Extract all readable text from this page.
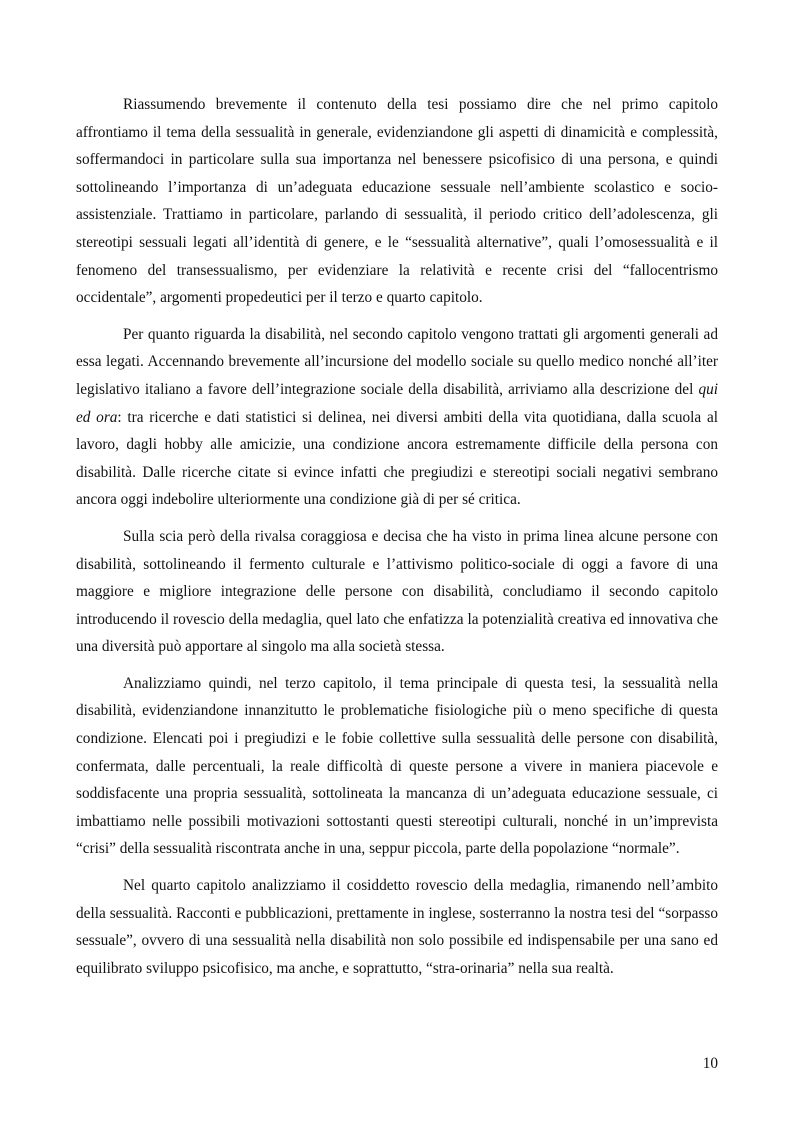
Riassumendo brevemente il contenuto della tesi possiamo dire che nel primo capitolo affrontiamo il tema della sessualità in generale, evidenziandone gli aspetti di dinamicità e complessità, soffermandoci in particolare sulla sua importanza nel benessere psicofisico di una persona, e quindi sottolineando l’importanza di un’adeguata educazione sessuale nell’ambiente scolastico e socio-assistenziale. Trattiamo in particolare, parlando di sessualità, il periodo critico dell’adolescenza, gli stereotipi sessuali legati all’identità di genere, e le “sessualità alternative”, quali l’omosessualità e il fenomeno del transessualismo, per evidenziare la relatività e recente crisi del “fallocentrismo occidentale”, argomenti propedeutici per il terzo e quarto capitolo.

Per quanto riguarda la disabilità, nel secondo capitolo vengono trattati gli argomenti generali ad essa legati. Accennando brevemente all’incursione del modello sociale su quello medico nonché all’iter legislativo italiano a favore dell’integrazione sociale della disabilità, arriviamo alla descrizione del qui ed ora: tra ricerche e dati statistici si delinea, nei diversi ambiti della vita quotidiana, dalla scuola al lavoro, dagli hobby alle amicizie, una condizione ancora estremamente difficile della persona con disabilità. Dalle ricerche citate si evince infatti che pregiudizi e stereotipi sociali negativi sembrano ancora oggi indebolire ulteriormente una condizione già di per sé critica.

Sulla scia però della rivalsa coraggiosa e decisa che ha visto in prima linea alcune persone con disabilità, sottolineando il fermento culturale e l’attivismo politico-sociale di oggi a favore di una maggiore e migliore integrazione delle persone con disabilità, concludiamo il secondo capitolo introducendo il rovescio della medaglia, quel lato che enfatizza la potenzialità creativa ed innovativa che una diversità può apportare al singolo ma alla società stessa.

Analizziamo quindi, nel terzo capitolo, il tema principale di questa tesi, la sessualità nella disabilità, evidenziandone innanzitutto le problematiche fisiologiche più o meno specifiche di questa condizione. Elencati poi i pregiudizi e le fobie collettive sulla sessualità delle persone con disabilità, confermata, dalle percentuali, la reale difficoltà di queste persone a vivere in maniera piacevole e soddisfacente una propria sessualità, sottolineata la mancanza di un’adeguata educazione sessuale, ci imbattiamo nelle possibili motivazioni sottostanti questi stereotipi culturali, nonché in un’imprevista “crisi” della sessualità riscontrata anche in una, seppur piccola, parte della popolazione “normale”.

Nel quarto capitolo analizziamo il cosiddetto rovescio della medaglia, rimanendo nell’ambito della sessualità. Racconti e pubblicazioni, prettamente in inglese, sosterranno la nostra tesi del “sorpasso sessuale”, ovvero di una sessualità nella disabilità non solo possibile ed indispensabile per una sano ed equilibrato sviluppo psicofisico, ma anche, e soprattutto, “stra-orinaria” nella sua realtà.

10
